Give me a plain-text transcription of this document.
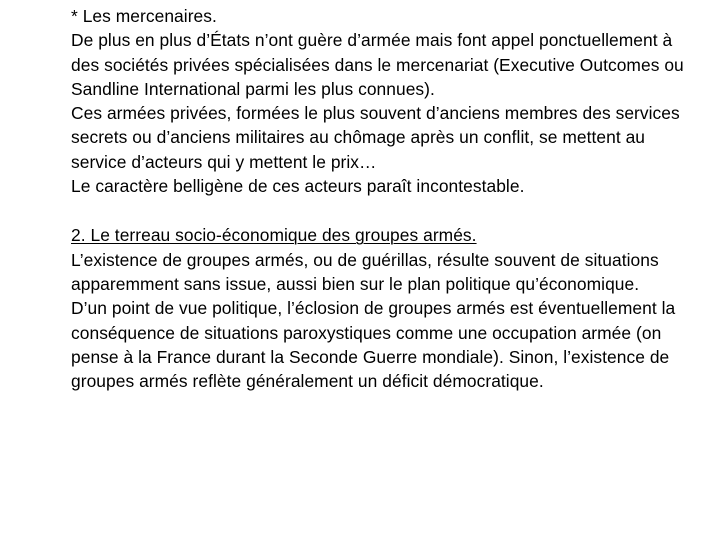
* Les mercenaires.

De plus en plus d’États n’ont guère d’armée mais font appel ponctuellement à des sociétés privées spécialisées dans le mercenariat (Executive Outcomes ou Sandline International parmi les plus connues).

Ces armées privées, formées le plus souvent d’anciens membres des services secrets ou d’anciens militaires au chômage après un conflit, se mettent au service d’acteurs qui y mettent le prix…

Le caractère belligène de ces acteurs paraît incontestable.

2. Le terreau socio-économique des groupes armés.

L’existence de groupes armés, ou de guérillas, résulte souvent de situations apparemment sans issue, aussi bien sur le plan politique qu’économique.

D’un point de vue politique, l’éclosion de groupes armés est éventuellement la conséquence de situations paroxystiques comme une occupation armée (on pense à la France durant la Seconde Guerre mondiale). Sinon, l’existence de groupes armés reflète généralement un déficit démocratique.
